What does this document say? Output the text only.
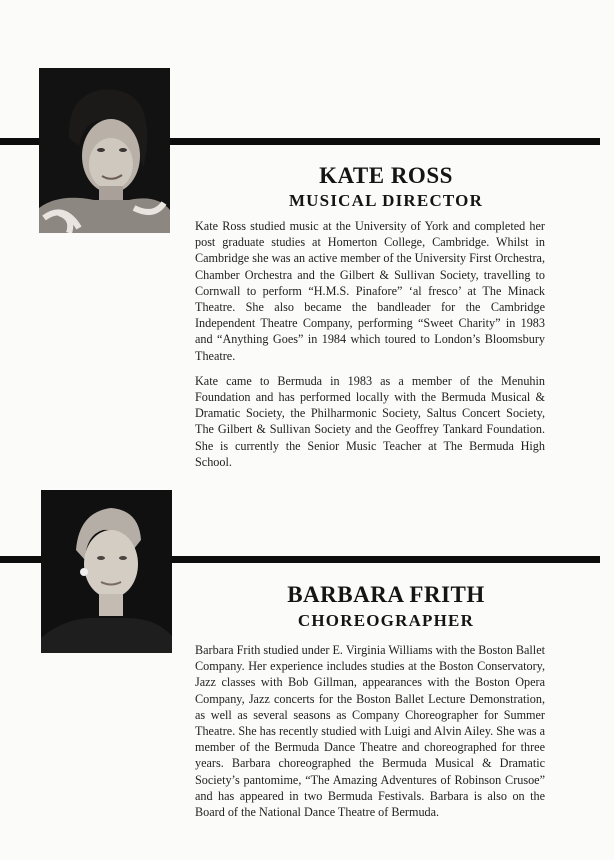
KATE ROSS
MUSICAL DIRECTOR

Kate Ross studied music at the University of York and completed her post graduate studies at Homerton College, Cambridge. Whilst in Cambridge she was an active member of the University First Orchestra, Chamber Orchestra and the Gilbert & Sullivan Society, travelling to Cornwall to perform “H.M.S. Pinafore” ‘al fresco’ at The Minack Theatre. She also became the bandleader for the Cambridge Independent Theatre Company, performing “Sweet Charity” in 1983 and “Anything Goes” in 1984 which toured to London’s Bloomsbury Theatre.

Kate came to Bermuda in 1983 as a member of the Menuhin Foundation and has performed locally with the Bermuda Musical & Dramatic Society, the Philharmonic Society, Saltus Concert Society, The Gilbert & Sullivan Society and the Geoffrey Tankard Foundation. She is currently the Senior Music Teacher at The Bermuda High School.

BARBARA FRITH
CHOREOGRAPHER

Barbara Frith studied under E. Virginia Williams with the Boston Ballet Company. Her experience includes studies at the Boston Conservatory, Jazz classes with Bob Gillman, appearances with the Boston Opera Company, Jazz concerts for the Boston Ballet Lecture Demonstration, as well as several seasons as Company Choreographer for Summer Theatre. She has recently studied with Luigi and Alvin Ailey. She was a member of the Bermuda Dance Theatre and choreographed for three years. Barbara choreographed the Bermuda Musical & Dramatic Society’s pantomime, “The Amazing Adventures of Robinson Crusoe” and has appeared in two Bermuda Festivals. Barbara is also on the Board of the National Dance Theatre of Bermuda.
